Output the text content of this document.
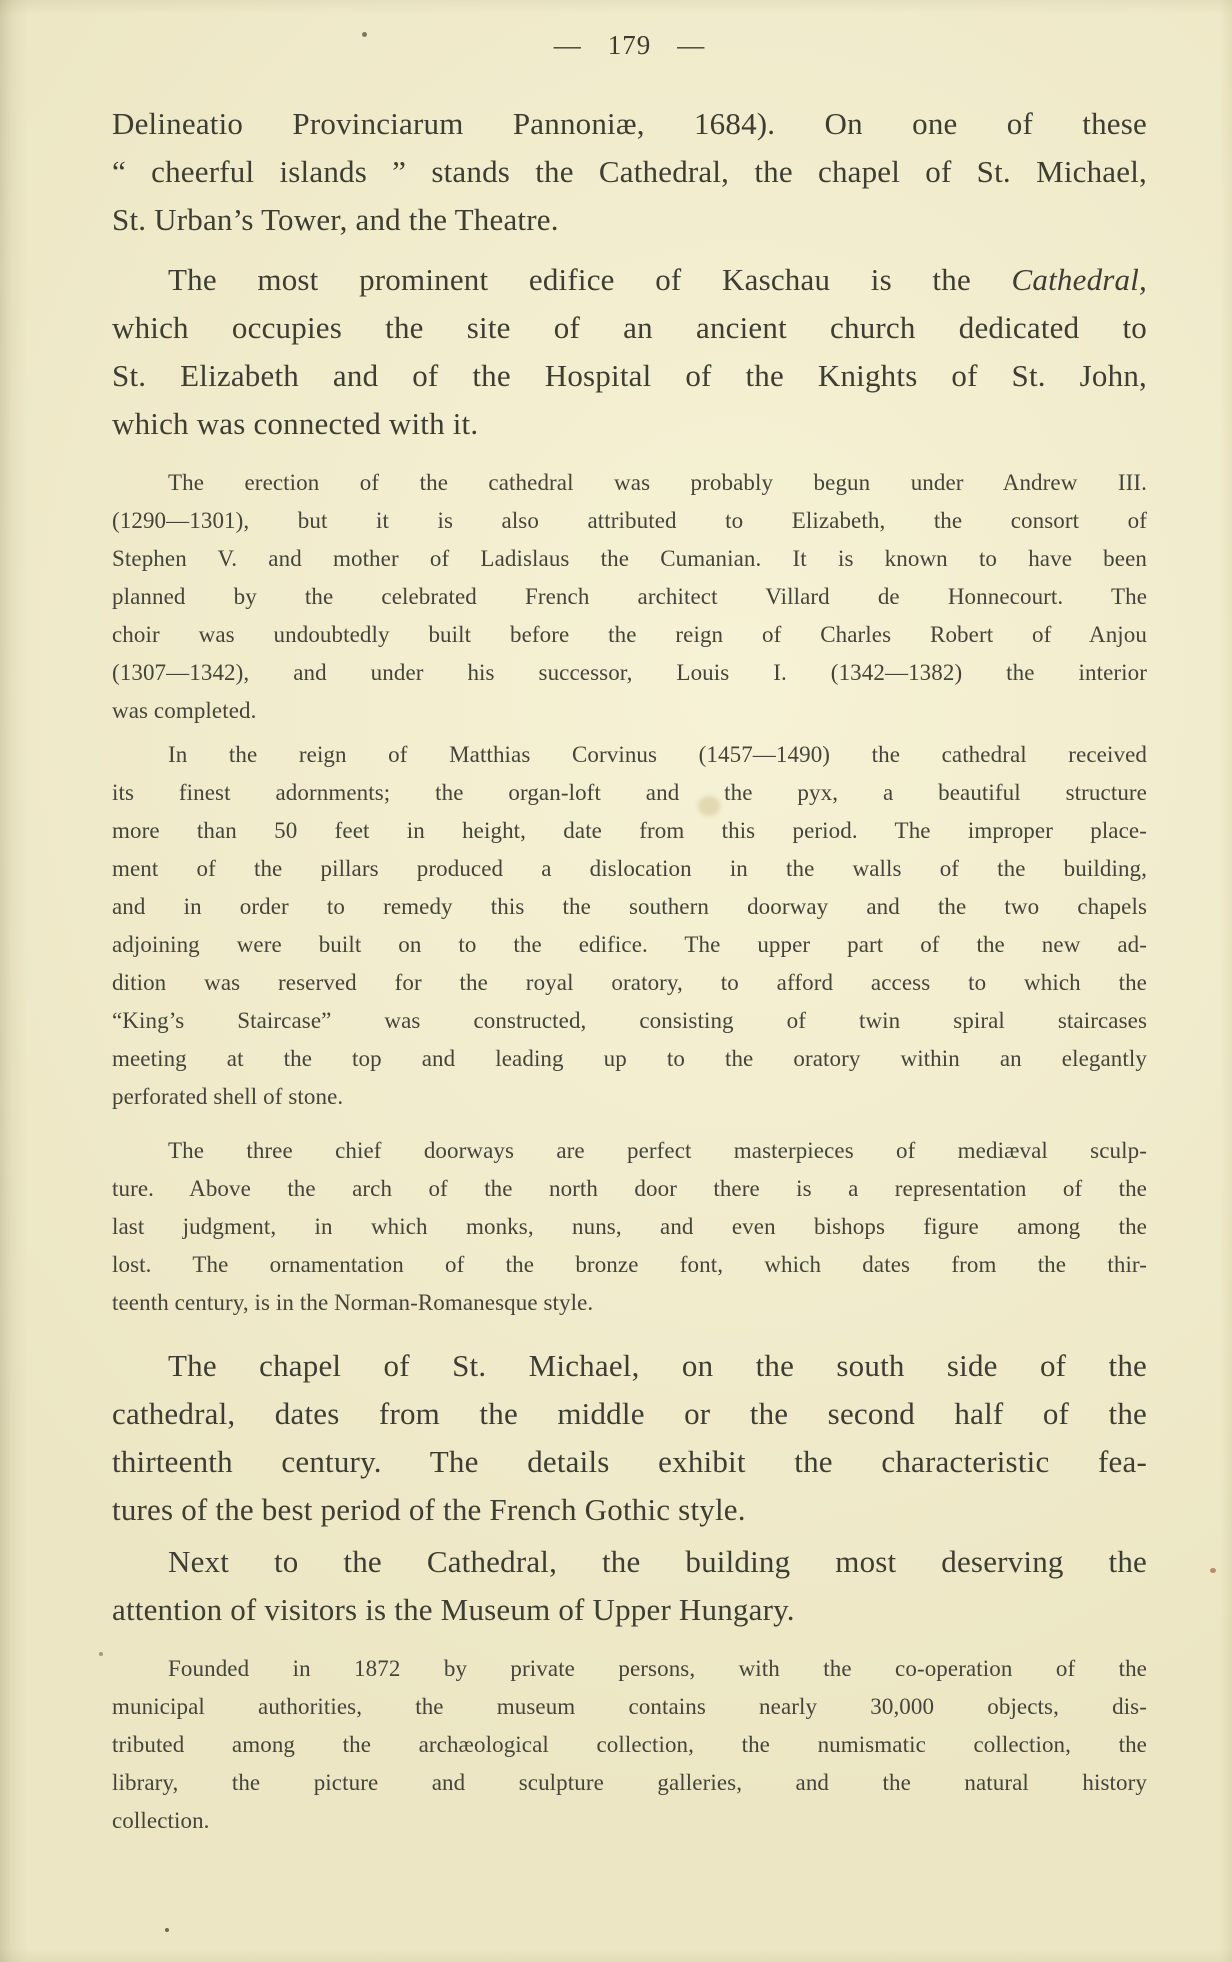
— 179 —
Delineatio Provinciarum Pannoniæ, 1684). On one of these
“ cheerful islands ” stands the Cathedral, the chapel of St. Michael,
St. Urban’s Tower, and the Theatre.
The most prominent edifice of Kaschau is the Cathedral,
which occupies the site of an ancient church dedicated to
St. Elizabeth and of the Hospital of the Knights of St. John,
which was connected with it.
The erection of the cathedral was probably begun under Andrew III.
(1290—1301), but it is also attributed to Elizabeth, the consort of
Stephen V. and mother of Ladislaus the Cumanian. It is known to have been
planned by the celebrated French architect Villard de Honnecourt. The
choir was undoubtedly built before the reign of Charles Robert of Anjou
(1307—1342), and under his successor, Louis I. (1342—1382) the interior
was completed.
In the reign of Matthias Corvinus (1457—1490) the cathedral received
its finest adornments; the organ-loft and the pyx, a beautiful structure
more than 50 feet in height, date from this period. The improper place-
ment of the pillars produced a dislocation in the walls of the building,
and in order to remedy this the southern doorway and the two chapels
adjoining were built on to the edifice. The upper part of the new ad-
dition was reserved for the royal oratory, to afford access to which the
“King’s Staircase” was constructed, consisting of twin spiral staircases
meeting at the top and leading up to the oratory within an elegantly
perforated shell of stone.
The three chief doorways are perfect masterpieces of mediæval sculp-
ture. Above the arch of the north door there is a representation of the
last judgment, in which monks, nuns, and even bishops figure among the
lost. The ornamentation of the bronze font, which dates from the thir-
teenth century, is in the Norman-Romanesque style.
The chapel of St. Michael, on the south side of the
cathedral, dates from the middle or the second half of the
thirteenth century. The details exhibit the characteristic fea-
tures of the best period of the French Gothic style.
Next to the Cathedral, the building most deserving the
attention of visitors is the Museum of Upper Hungary.
Founded in 1872 by private persons, with the co-operation of the
municipal authorities, the museum contains nearly 30,000 objects, dis-
tributed among the archæological collection, the numismatic collection, the
library, the picture and sculpture galleries, and the natural history
collection.
